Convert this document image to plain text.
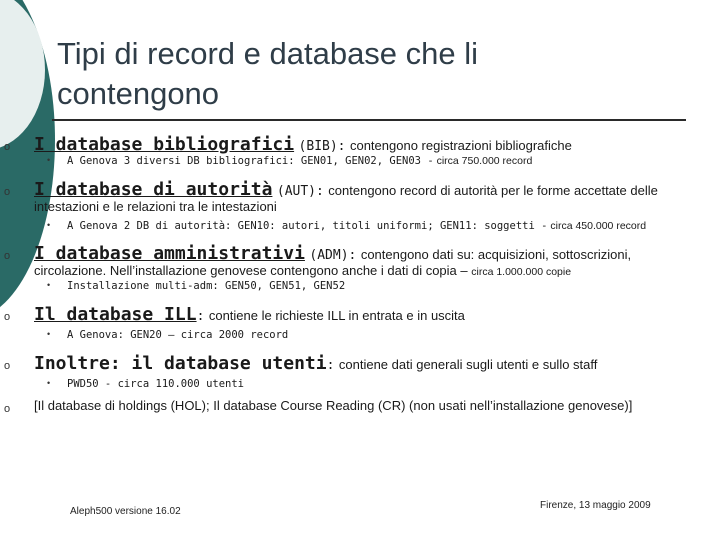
Tipi di record e database che li contengono
o I database bibliografici (BIB): contengono registrazioni bibliografiche
• A Genova 3 diversi DB bibliografici: GEN01, GEN02, GEN03 - circa 750.000 record
o I database di autorità (AUT): contengono record di autorità per le forme accettate delle
intestazioni e le relazioni tra le intestazioni
• A Genova 2 DB di autorità: GEN10: autori, titoli uniformi; GEN11: soggetti - circa 450.000 record
o I database amministrativi (ADM): contengono dati su: acquisizioni, sottoscrizioni,
circolazione. Nell’installazione genovese contengono anche i dati di copia – circa 1.000.000 copie
• Installazione multi-adm: GEN50, GEN51, GEN52
o Il database ILL: contiene le richieste ILL in entrata e in uscita
• A Genova: GEN20 – circa 2000 record
o Inoltre: il database utenti: contiene dati generali sugli utenti e sullo staff
• PWD50 - circa 110.000 utenti
o [Il database di holdings (HOL); Il database Course Reading (CR) (non usati nell’installazione genovese)]
Aleph500 versione 16.02
Firenze, 13 maggio 2009
